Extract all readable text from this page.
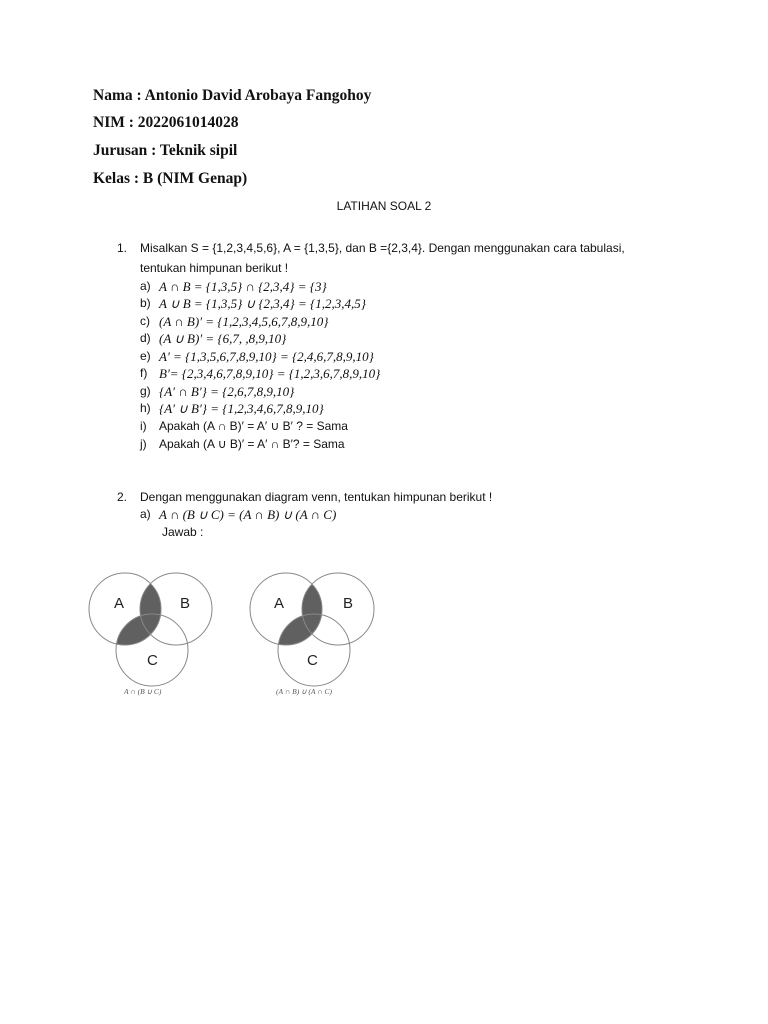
Nama : Antonio David Arobaya Fangohoy
NIM : 2022061014028
Jurusan : Teknik sipil
Kelas : B (NIM Genap)
LATIHAN SOAL 2
1. Misalkan S = {1,2,3,4,5,6}, A = {1,3,5}, dan B ={2,3,4}. Dengan menggunakan cara tabulasi,
tentukan himpunan berikut !
a) A ∩ B = {1,3,5} ∩ {2,3,4} = {3}
b) A ∪ B = {1,3,5} ∪ {2,3,4} = {1,2,3,4,5}
c) (A ∩ B)′ = {1,2,3,4,5,6,7,8,9,10}
d) (A ∪ B)′ = {6,7, ,8,9,10}
e) A′ = {1,3,5,6,7,8,9,10} = {2,4,6,7,8,9,10}
f) B′= {2,3,4,6,7,8,9,10} = {1,2,3,6,7,8,9,10}
g) {A′ ∩ B′} = {2,6,7,8,9,10}
h) {A′ ∪ B′} = {1,2,3,4,6,7,8,9,10}
i) Apakah (A ∩ B)′ = A′ ∪ B′ ? = Sama
j) Apakah (A ∪ B)′ = A′ ∩ B′? = Sama
2. Dengan menggunakan diagram venn, tentukan himpunan berikut !
a) A ∩ (B ∪ C) = (A ∩ B) ∪ (A ∩ C)
Jawab :
A	B
C
A ∩ (B ∪ C)
A	B
C
(A ∩ B) ∪ (A ∩ C)
